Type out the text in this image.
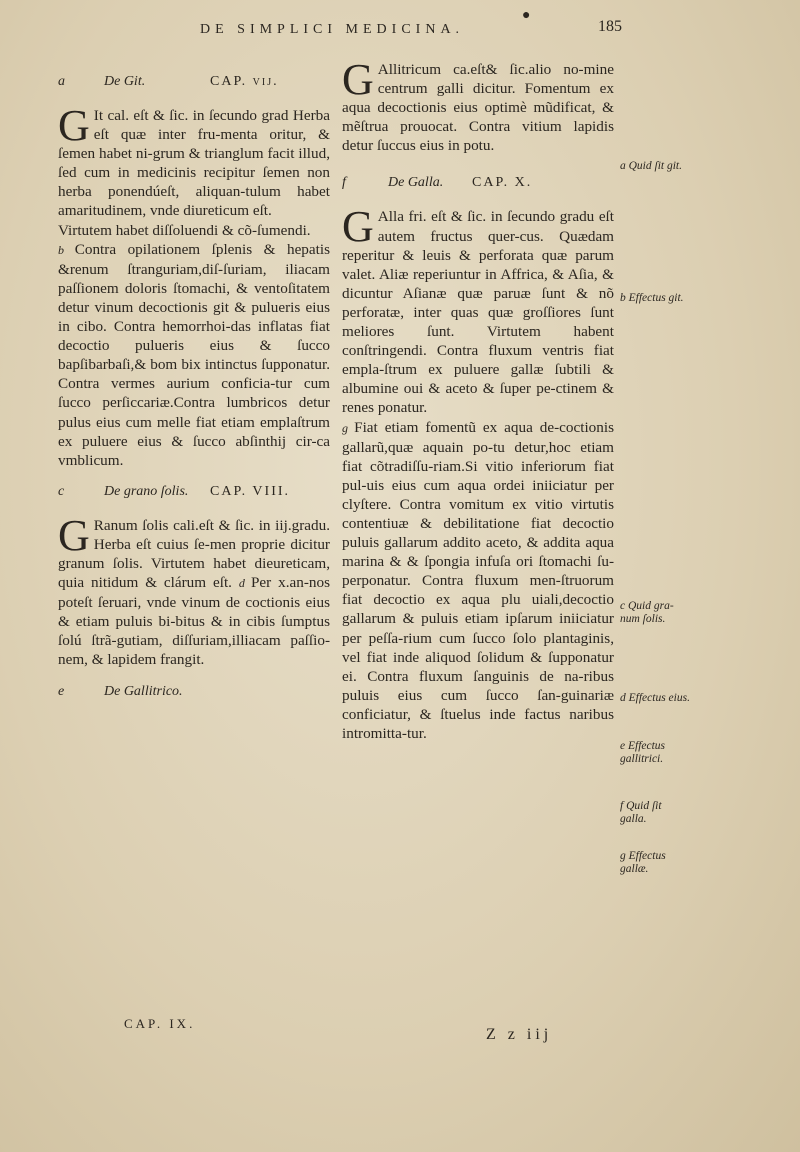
DE SIMPLICI MEDICINA.
●
185
a	De Git.	CAP. vij.

G It cal. eſt & ſic. in ſecundo grad Herba eſt quæ inter fru-menta oritur, & ſemen habet ni-grum & trianglum facit illud, ſed cum in medicinis recipitur ſemen non herba ponendúeſt, aliquan-tulum habet amaritudinem, vnde diureticum eſt.

Virtutem habet diſſoluendi & cõ-ſumendi.

b Contra opilationem ſplenis & hepatis &renum ſtranguriam,diſ-ſuriam, iliacam paſſionem doloris ſtomachi, & ventoſitatem detur vinum decoctionis git & pulueris eius in cibo. Contra hemorrhoi-das inflatas fiat decoctio pulueris eius & ſucco bapſibarbaſi,& bom bix intinctus ſupponatur. Contra vermes aurium conficia-tur cum ſucco perſiccariæ.Contra lumbricos detur pulus eius cum melle fiat etiam emplaſtrum ex puluere eius & ſucco abſinthij cir-ca vmblicum.

c	De grano ſolis. CAP. VIII.

G Ranum ſolis cali.eſt & ſic. in iij.gradu. Herba eſt cuius ſe-men proprie dicitur granum ſolis. Virtutem habet dieureticam, quia nitidum & clárum eſt. d Per x.an-nos poteſt ſeruari, vnde vinum de coctionis eius & etiam puluis bi-bitus & in cibis ſumptus ſolú ſtrã-gutiam, diſſuriam,illiacam paſſio-nem, & lapidem frangit.

e	De Gallitrico.
CAP. IX.

G Allitricum ca.eſt& ſic.alio no-mine centrum galli dicitur. Fomentum ex aqua decoctionis eius optimè mũdificat, & mẽſtrua prouocat. Contra vitium lapidis detur ſuccus eius in potu.

f	De Galla. CAP. X.

G Alla fri. eſt & ſic. in ſecundo gradu eſt autem fructus quer-cus. Quædam reperitur & leuis & perforata quæ parum valet. Aliæ reperiuntur in Affrica, & Aſia, & dicuntur Aſianæ quæ paruæ ſunt & nõ perforatæ, inter quas quæ groſſiores ſunt meliores ſunt. Virtutem habent conſtringendi. Contra fluxum ventris fiat empla-ſtrum ex puluere gallæ ſubtili & albumine oui & aceto & ſuper pe-ctinem & renes ponatur.

g Fiat etiam fomentũ ex aqua de-coctionis gallarũ,quæ aquain po-tu detur,hoc etiam fiat cõtradiſſu-riam.Si vitio inferiorum fiat pul-uis eius cum aqua ordei iniiciatur per clyſtere. Contra vomitum ex vitio virtutis contentiuæ & debilitatione fiat decoctio puluis gallarum addito aceto, & addita aqua marina & & ſpongia infuſa ori ſtomachi ſu-perponatur. Contra fluxum men-ſtruorum fiat decoctio ex aqua plu uiali,decoctio gallarum & puluis etiam ipſarum iniiciatur per peſſa-rium cum ſucco ſolo plantaginis, vel fiat inde aliquod ſolidum & ſupponatur ei. Contra fluxum ſanguinis de na-ribus puluis eius cum ſucco ſan-guinariæ conficiatur, & ſtuelus inde factus naribus intromitta-tur.

a Quid ſit git.
b Effectus git.
c Quid gra-num ſolis.
d Effectus eius.
e Effectus gallitrici.
f Quid ſit galla.
g Effectus gallæ.
Z z iij
